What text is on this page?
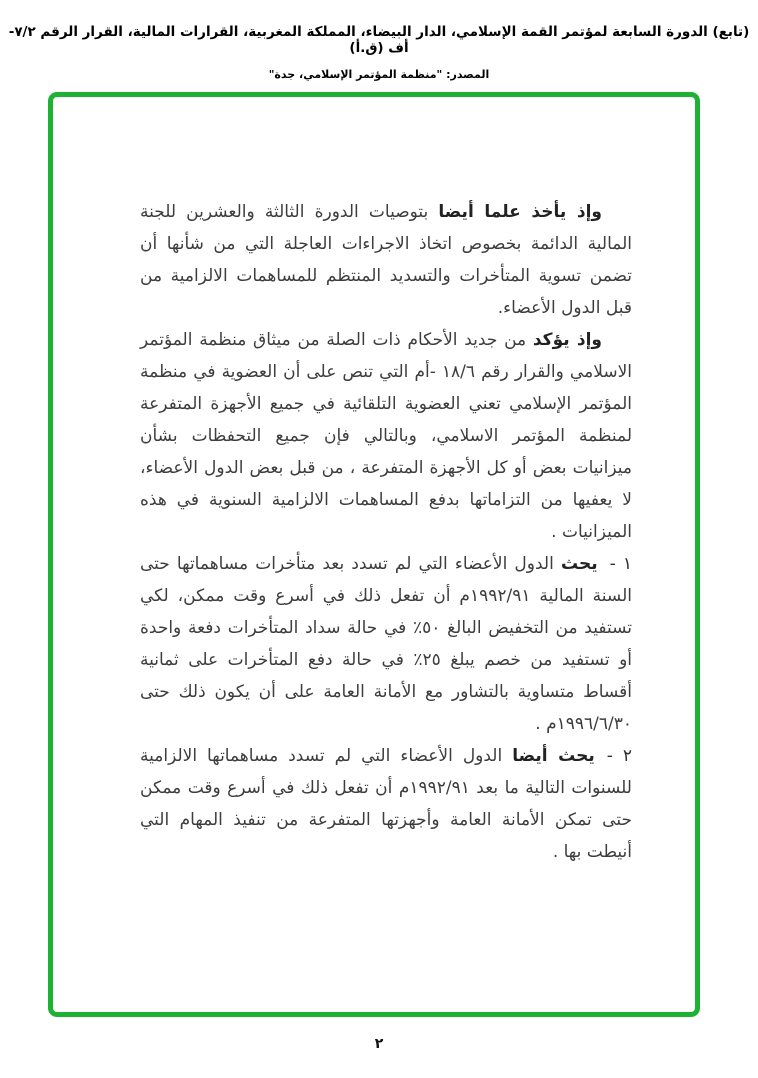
(تابع) الدورة السابعة لمؤتمر القمة الإسلامي، الدار البيضاء، المملكة المغربية، القرارات المالية، القرار الرقم ٧/٢-أف (ق.أ)
المصدر: "منظمة المؤتمر الإسلامي، جدة"

وإذ يأخذ علما أيضا بتوصيات الدورة الثالثة والعشرين للجنة المالية الدائمة بخصوص اتخاذ الاجراءات العاجلة التي من شأنها أن تضمن تسوية المتأخرات والتسديد المنتظم للمساهمات الالزامية من قبل الدول الأعضاء.

وإذ يؤكد من جديد الأحكام ذات الصلة من ميثاق منظمة المؤتمر الاسلامي والقرار رقم ١٨/٦ -أم التي تنص على أن العضوية في منظمة المؤتمر الإسلامي تعني العضوية التلقائية في جميع الأجهزة المتفرعة لمنظمة المؤتمر الاسلامي، وبالتالي فإن جميع التحفظات بشأن ميزانيات بعض أو كل الأجهزة المتفرعة ، من قبل بعض الدول الأعضاء، لا يعفيها من التزاماتها بدفع المساهمات الالزامية السنوية في هذه الميزانيات .

١ -يحث الدول الأعضاء التي لم تسدد بعد متأخرات مساهماتها حتى السنة المالية ١٩٩٢/٩١م أن تفعل ذلك في أسرع وقت ممكن، لكي تستفيد من التخفيض البالغ ٥٠٪ في حالة سداد المتأخرات دفعة واحدة أو تستفيد من خصم يبلغ ٢٥٪ في حالة دفع المتأخرات على ثمانية أقساط متساوية بالتشاور مع الأمانة العامة على أن يكون ذلك حتى ١٩٩٦/٦/٣٠م .

٢ -يحث أيضا الدول الأعضاء التي لم تسدد مساهماتها الالزامية للسنوات التالية ما بعد ١٩٩٢/٩١م أن تفعل ذلك في أسرع وقت ممكن حتى تمكن الأمانة العامة وأجهزتها المتفرعة من تنفيذ المهام التي أنيطت بها .

٢
